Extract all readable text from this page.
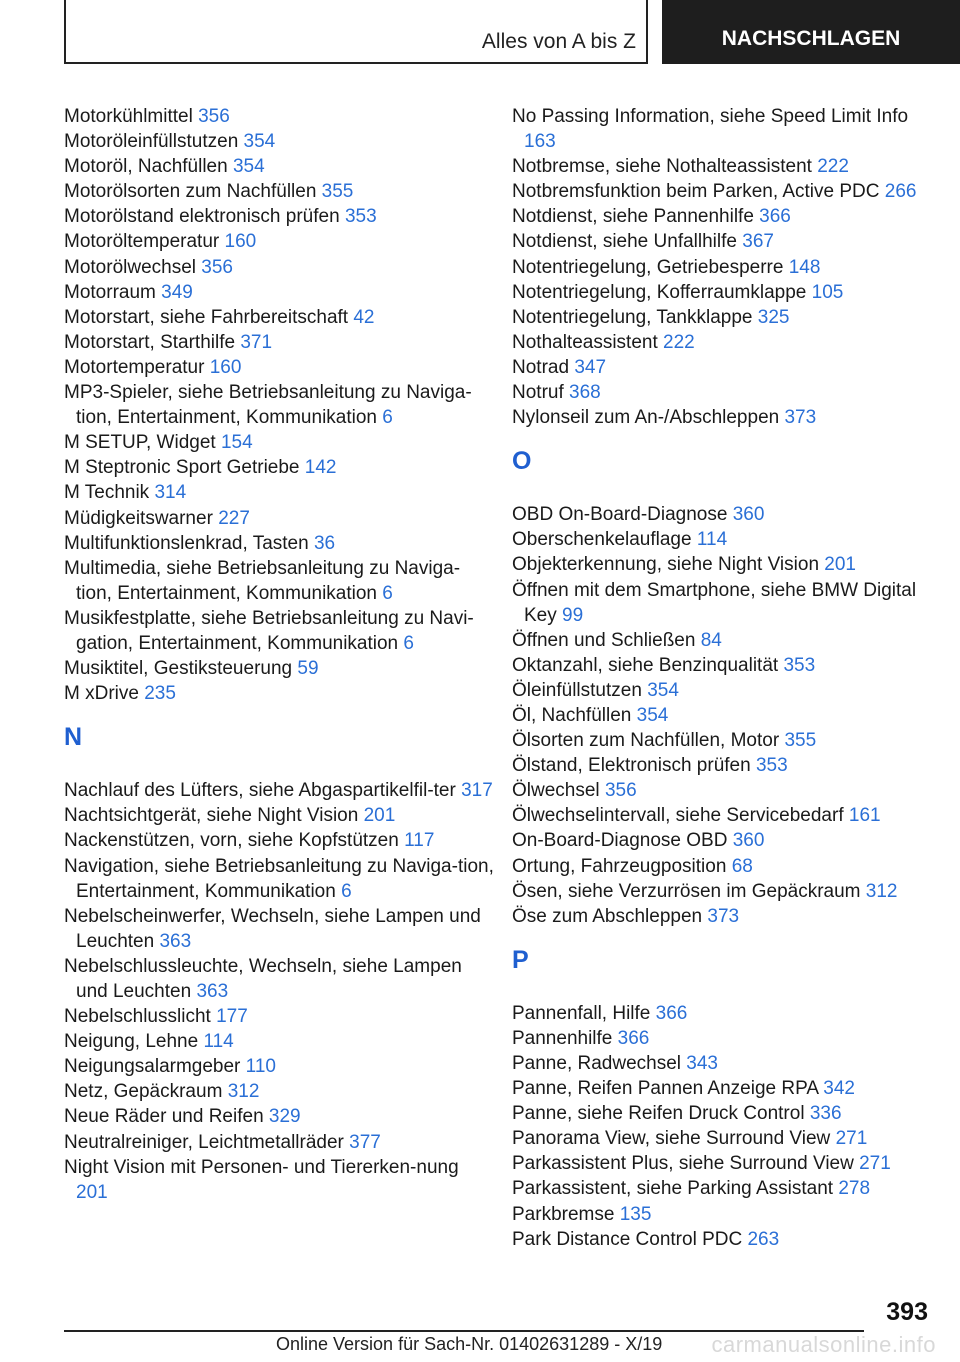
Alles von A bis Z	NACHSCHLAGEN
Motorkühlmittel 356
Motoröleinfüllstutzen 354
Motoröl, Nachfüllen 354
Motorölsorten zum Nachfüllen 355
Motorölstand elektronisch prüfen 353
Motoröltemperatur 160
Motorölwechsel 356
Motorraum 349
Motorstart, siehe Fahrbereitschaft 42
Motorstart, Starthilfe 371
Motortemperatur 160
MP3-Spieler, siehe Betriebsanleitung zu Naviga-tion, Entertainment, Kommunikation 6
M SETUP, Widget 154
M Steptronic Sport Getriebe 142
M Technik 314
Müdigkeitswarner 227
Multifunktionslenkrad, Tasten 36
Multimedia, siehe Betriebsanleitung zu Naviga-tion, Entertainment, Kommunikation 6
Musikfestplatte, siehe Betriebsanleitung zu Navi-gation, Entertainment, Kommunikation 6
Musiktitel, Gestiksteuerung 59
M xDrive 235
N
Nachlauf des Lüfters, siehe Abgaspartikelfil-ter 317
Nachtsichtgerät, siehe Night Vision 201
Nackenstützen, vorn, siehe Kopfstützen 117
Navigation, siehe Betriebsanleitung zu Naviga-tion, Entertainment, Kommunikation 6
Nebelscheinwerfer, Wechseln, siehe Lampen und Leuchten 363
Nebelschlussleuchte, Wechseln, siehe Lampen und Leuchten 363
Nebelschlusslicht 177
Neigung, Lehne 114
Neigungsalarmgeber 110
Netz, Gepäckraum 312
Neue Räder und Reifen 329
Neutralreiniger, Leichtmetallräder 377
Night Vision mit Personen- und Tiererken-nung 201
No Passing Information, siehe Speed Limit Info 163
Notbremse, siehe Nothalteassistent 222
Notbremsfunktion beim Parken, Active PDC 266
Notdienst, siehe Pannenhilfe 366
Notdienst, siehe Unfallhilfe 367
Notentriegelung, Getriebesperre 148
Notentriegelung, Kofferraumklappe 105
Notentriegelung, Tankklappe 325
Nothalteassistent 222
Notrad 347
Notruf 368
Nylonseil zum An-/Abschleppen 373
O
OBD On-Board-Diagnose 360
Oberschenkelauflage 114
Objekterkennung, siehe Night Vision 201
Öffnen mit dem Smartphone, siehe BMW Digital Key 99
Öffnen und Schließen 84
Oktanzahl, siehe Benzinqualität 353
Öleinfüllstutzen 354
Öl, Nachfüllen 354
Ölsorten zum Nachfüllen, Motor 355
Ölstand, Elektronisch prüfen 353
Ölwechsel 356
Ölwechselintervall, siehe Servicebedarf 161
On-Board-Diagnose OBD 360
Ortung, Fahrzeugposition 68
Ösen, siehe Verzurrösen im Gepäckraum 312
Öse zum Abschleppen 373
P
Pannenfall, Hilfe 366
Pannenhilfe 366
Panne, Radwechsel 343
Panne, Reifen Pannen Anzeige RPA 342
Panne, siehe Reifen Druck Control 336
Panorama View, siehe Surround View 271
Parkassistent Plus, siehe Surround View 271
Parkassistent, siehe Parking Assistant 278
Parkbremse 135
Park Distance Control PDC 263
393
Online Version für Sach-Nr. 01402631289 - X/19 carmanualsonline.info
